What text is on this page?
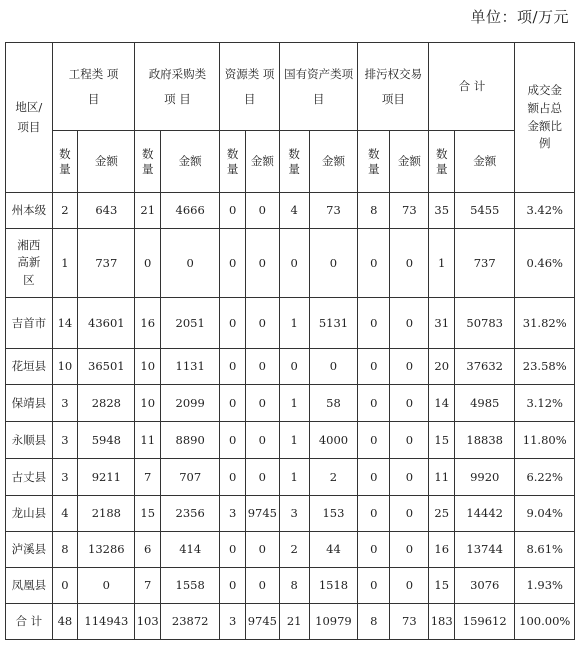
单位：项/万元
地区/项目	工程类 项 目		政府采购类 项 目		资源类 项 目		国有资产类项目		排污权交易 项目		合 计		成交金额占总金额比例
	数量	金额	数量	金额	数量	金额	数量	金额	数量	金额	数量	金额	
州本级	2	643	21	4666	0	0	4	73	8	73	35	5455	3.42%
湘西高新区	1	737	0	0	0	0	0	0	0	0	1	737	0.46%
吉首市	14	43601	16	2051	0	0	1	5131	0	0	31	50783	31.82%
花垣县	10	36501	10	1131	0	0	0	0	0	0	20	37632	23.58%
保靖县	3	2828	10	2099	0	0	1	58	0	0	14	4985	3.12%
永顺县	3	5948	11	8890	0	0	1	4000	0	0	15	18838	11.80%
古丈县	3	9211	7	707	0	0	1	2	0	0	11	9920	6.22%
龙山县	4	2188	15	2356	3	9745	3	153	0	0	25	14442	9.04%
泸溪县	8	13286	6	414	0	0	2	44	0	0	16	13744	8.61%
凤凰县	0	0	7	1558	0	0	8	1518	0	0	15	3076	1.93%
合 计	48	114943	103	23872	3	9745	21	10979	8	73	183	159612	100.00%
